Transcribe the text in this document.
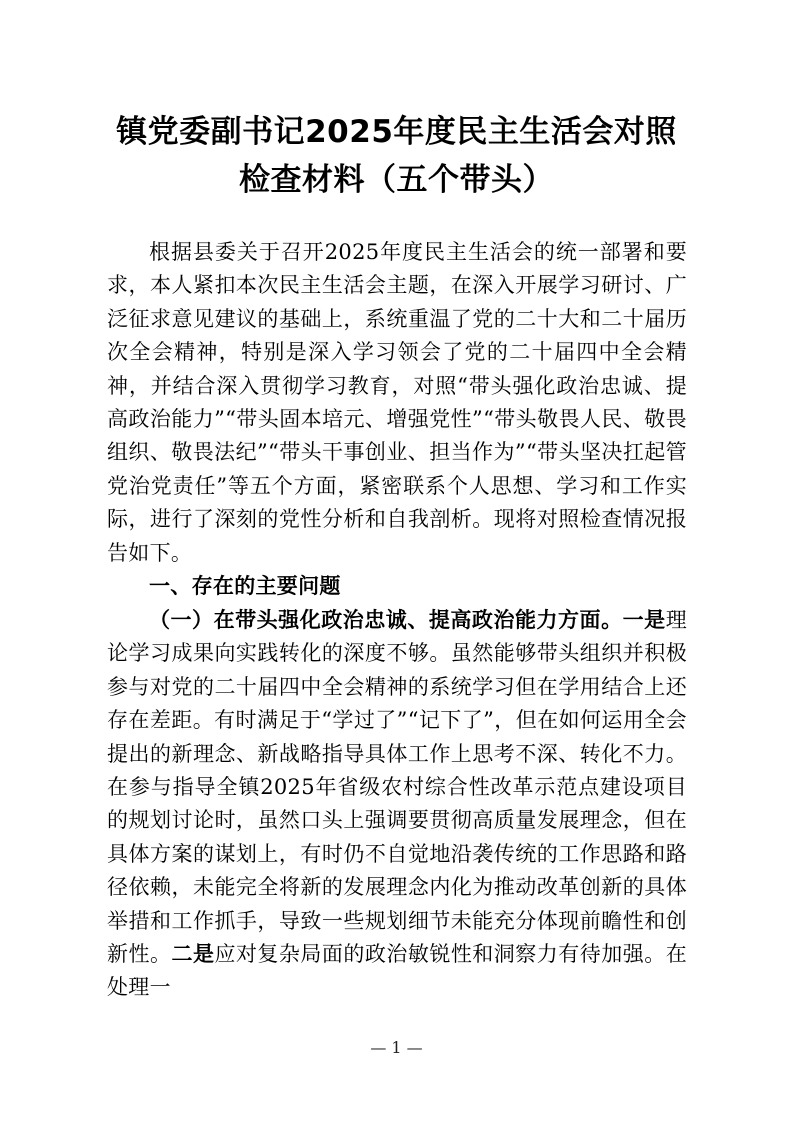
镇党委副书记2025年度民主生活会对照
检查材料（五个带头）

根据县委关于召开2025年度民主生活会的统一部署和要求，本人紧扣本次民主生活会主题，在深入开展学习研讨、广泛征求意见建议的基础上，系统重温了党的二十大和二十届历次全会精神，特别是深入学习领会了党的二十届四中全会精神，并结合深入贯彻学习教育，对照“带头强化政治忠诚、提高政治能力”“带头固本培元、增强党性”“带头敬畏人民、敬畏组织、敬畏法纪”“带头干事创业、担当作为”“带头坚决扛起管党治党责任”等五个方面，紧密联系个人思想、学习和工作实际，进行了深刻的党性分析和自我剖析。现将对照检查情况报告如下。

一、存在的主要问题

（一）在带头强化政治忠诚、提高政治能力方面。一是理论学习成果向实践转化的深度不够。虽然能够带头组织并积极参与对党的二十届四中全会精神的系统学习但在学用结合上还存在差距。有时满足于“学过了”“记下了”，但在如何运用全会提出的新理念、新战略指导具体工作上思考不深、转化不力。在参与指导全镇2025年省级农村综合性改革示范点建设项目的规划讨论时，虽然口头上强调要贯彻高质量发展理念，但在具体方案的谋划上，有时仍不自觉地沿袭传统的工作思路和路径依赖，未能完全将新的发展理念内化为推动改革创新的具体举措和工作抓手，导致一些规划细节未能充分体现前瞻性和创新性。二是应对复杂局面的政治敏锐性和洞察力有待加强。在处理一

— 1 —
